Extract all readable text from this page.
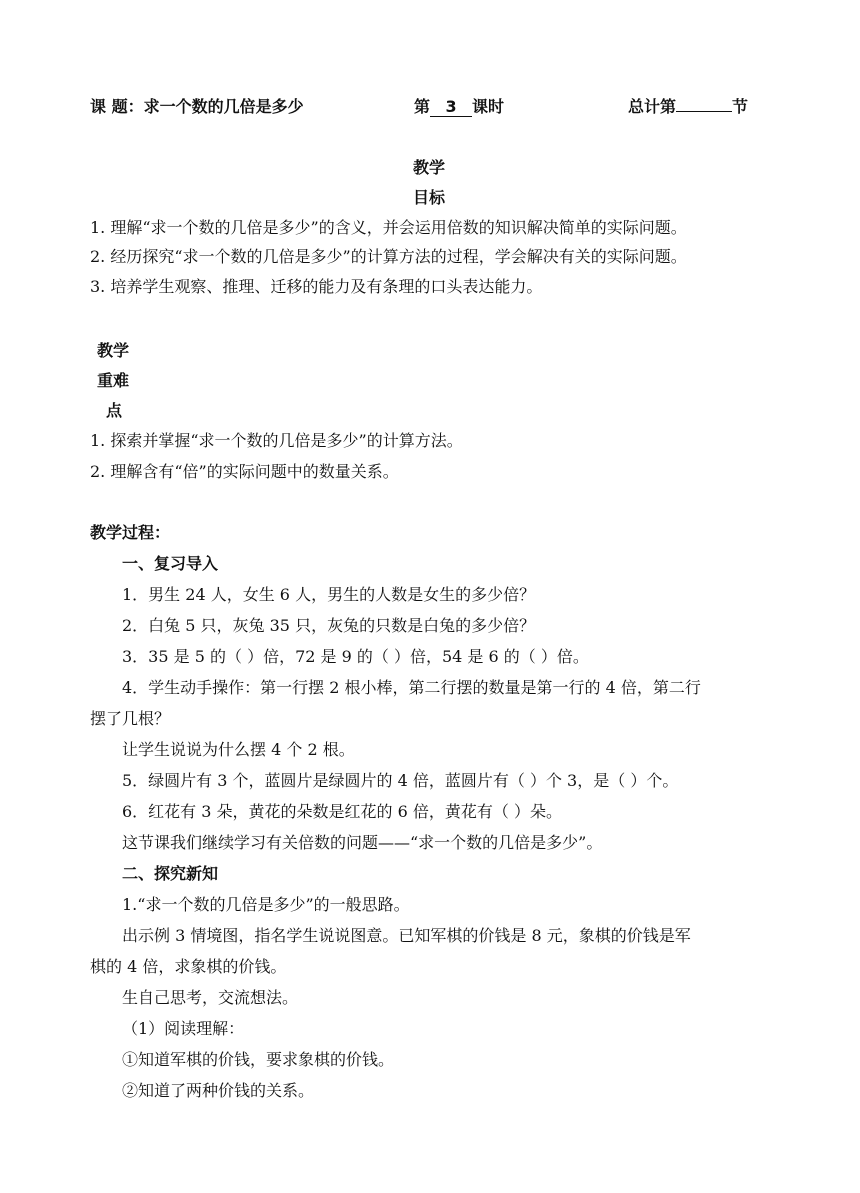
课 题：求一个数的几倍是多少	第 3 课时	总计第	节
教学
目标
1. 理解“求一个数的几倍是多少”的含义，并会运用倍数的知识解决简单的实际问题。
2. 经历探究“求一个数的几倍是多少”的计算方法的过程，学会解决有关的实际问题。
3. 培养学生观察、推理、迁移的能力及有条理的口头表达能力。
教学
重难
点
1. 探索并掌握“求一个数的几倍是多少”的计算方法。
2. 理解含有“倍”的实际问题中的数量关系。
教学过程：
一、复习导入
1．男生 24 人，女生 6 人，男生的人数是女生的多少倍？
2．白兔 5 只，灰兔 35 只，灰兔的只数是白兔的多少倍？
3．35 是 5 的（ ）倍，72 是 9 的（ ）倍，54 是 6 的（ ）倍。
4．学生动手操作：第一行摆 2 根小棒，第二行摆的数量是第一行的 4 倍，第二行
摆了几根？
让学生说说为什么摆 4 个 2 根。
5．绿圆片有 3 个，蓝圆片是绿圆片的 4 倍，蓝圆片有（ ）个 3，是（ ）个。
6．红花有 3 朵，黄花的朵数是红花的 6 倍，黄花有（ ）朵。
这节课我们继续学习有关倍数的问题——“求一个数的几倍是多少”。
二、探究新知
1.“求一个数的几倍是多少”的一般思路。
出示例 3 情境图，指名学生说说图意。已知军棋的价钱是 8 元，象棋的价钱是军
棋的 4 倍，求象棋的价钱。
生自己思考，交流想法。
（1）阅读理解：
①知道军棋的价钱，要求象棋的价钱。
②知道了两种价钱的关系。
